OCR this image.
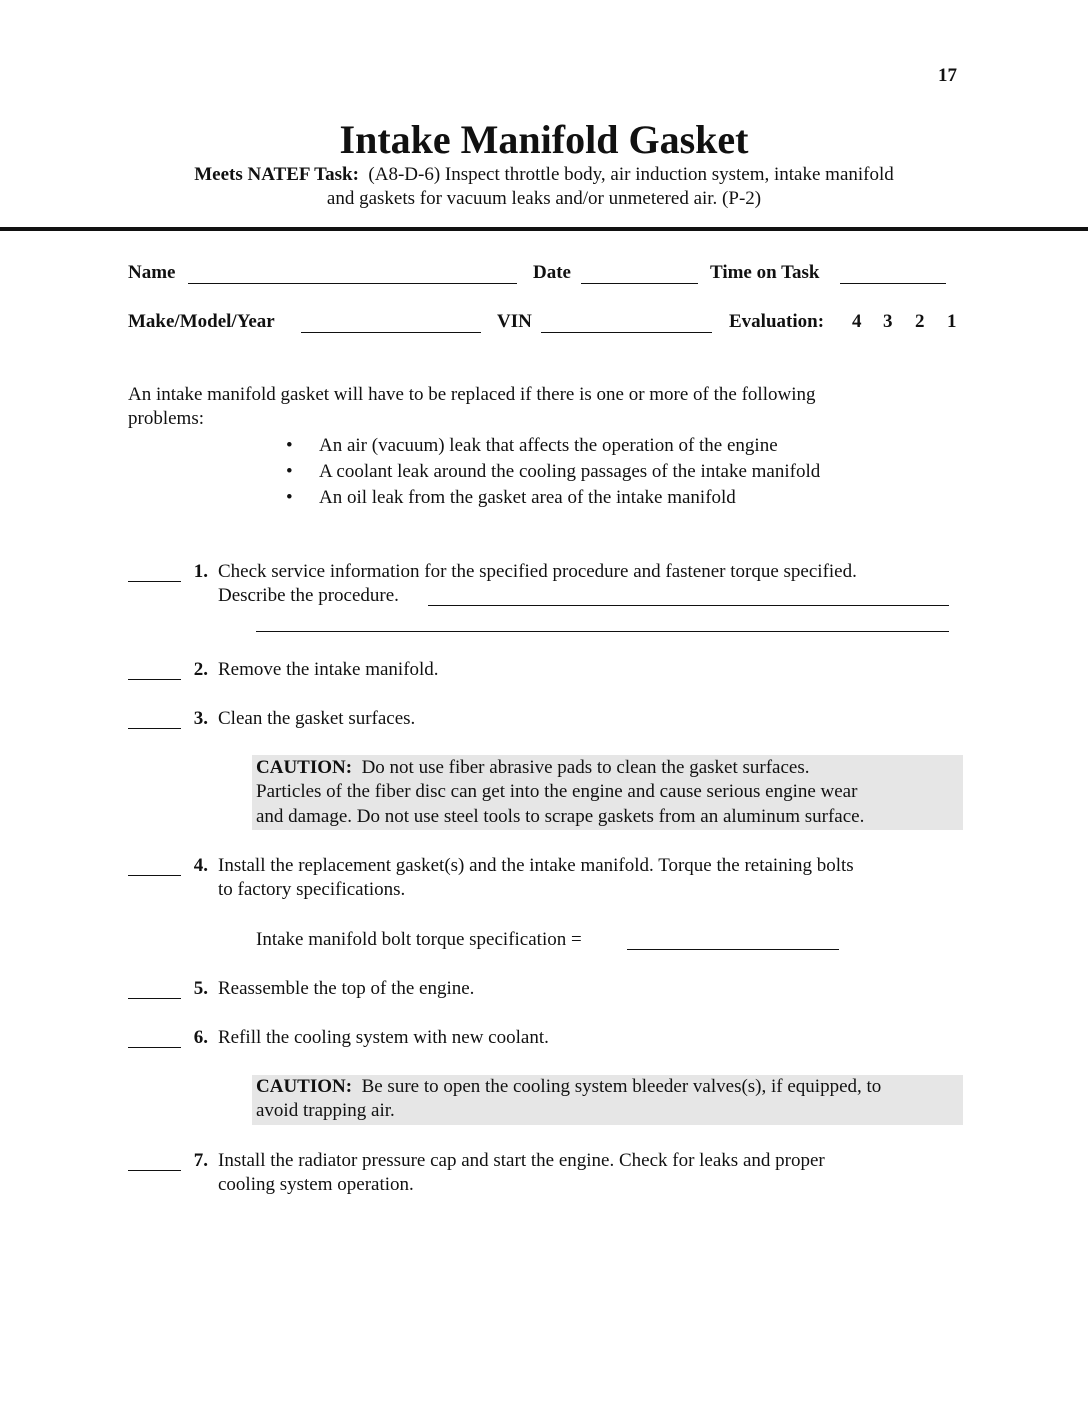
17
Intake Manifold Gasket
Meets NATEF Task: (A8-D-6) Inspect throttle body, air induction system, intake manifold
and gaskets for vacuum leaks and/or unmetered air. (P-2)
Name	Date	Time on Task
Make/Model/Year	VIN	Evaluation: 4 3 2 1
An intake manifold gasket will have to be replaced if there is one or more of the following
problems:
• An air (vacuum) leak that affects the operation of the engine
• A coolant leak around the cooling passages of the intake manifold
• An oil leak from the gasket area of the intake manifold
1. Check service information for the specified procedure and fastener torque specified.
Describe the procedure.
2. Remove the intake manifold.
3. Clean the gasket surfaces.
CAUTION: Do not use fiber abrasive pads to clean the gasket surfaces.
Particles of the fiber disc can get into the engine and cause serious engine wear
and damage. Do not use steel tools to scrape gaskets from an aluminum surface.
4. Install the replacement gasket(s) and the intake manifold. Torque the retaining bolts
to factory specifications.
Intake manifold bolt torque specification =
5. Reassemble the top of the engine.
6. Refill the cooling system with new coolant.
CAUTION: Be sure to open the cooling system bleeder valves(s), if equipped, to
avoid trapping air.
7. Install the radiator pressure cap and start the engine. Check for leaks and proper
cooling system operation.
